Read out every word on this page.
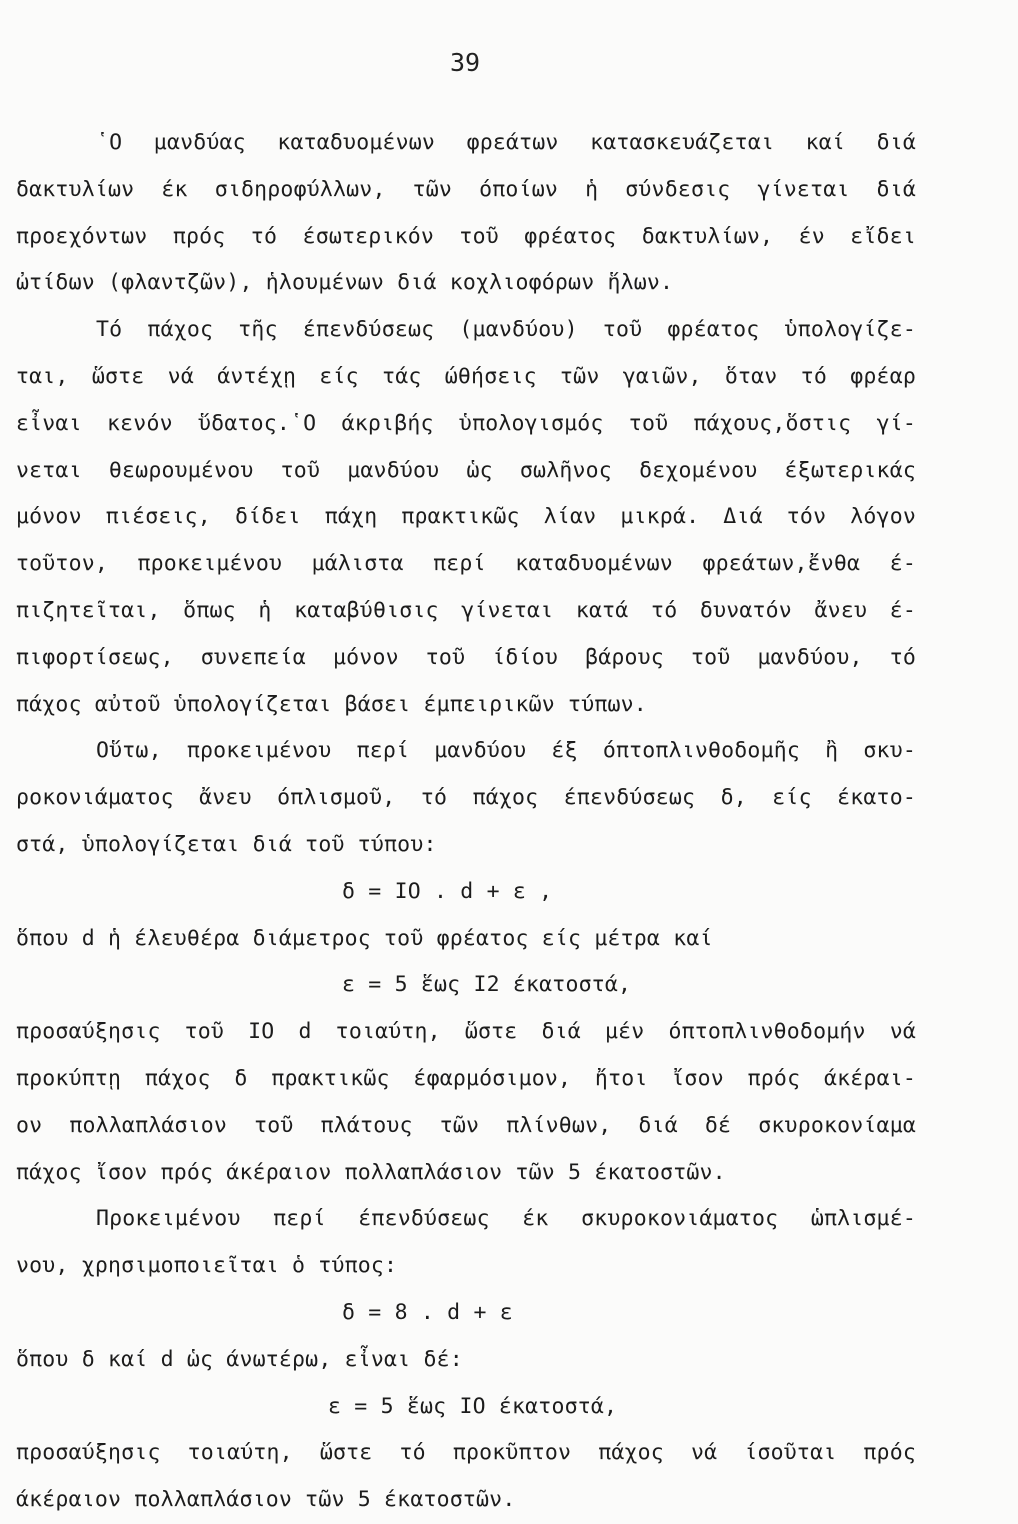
39
῾Ο μανδύας καταδυομένων φρεάτων κατασκευάζεται καί διά
δακτυλίων έκ σιδηροφύλλων, τῶν όποίων ἡ σύνδεσις γίνεται διά
προεχόντων πρός τό έσωτερικόν τοῦ φρέατος δακτυλίων, έν εἴδει
ὠτίδων (φλαντζῶν), ἡλουμένων διά κοχλιοφόρων ἥλων.
Τό πάχος τῆς έπενδύσεως (μανδύου) τοῦ φρέατος ὑπολογίζε-
ται, ὥστε νά άντέχῃ είς τάς ώθήσεις τῶν γαιῶν, ὅταν τό φρέαρ
εἶναι κενόν ὕδατος.῾Ο άκριβής ὑπολογισμός τοῦ πάχους,ὅστις γί-
νεται θεωρουμένου τοῦ μανδύου ὡς σωλῆνος δεχομένου έξωτερικάς
μόνον πιέσεις, δίδει πάχη πρακτικῶς λίαν μικρά. Διά τόν λόγον
τοῦτον, προκειμένου μάλιστα περί καταδυομένων φρεάτων,ἔνθα έ-
πιζητεῖται, ὅπως ἡ καταβύθισις γίνεται κατά τό δυνατόν ἄνευ έ-
πιφορτίσεως, συνεπεία μόνον τοῦ ίδίου βάρους τοῦ μανδύου, τό
πάχος αὐτοῦ ὑπολογίζεται βάσει έμπειρικῶν τύπων.
Οὕτω, προκειμένου περί μανδύου έξ όπτοπλινθοδομῆς ἢ σκυ-
ροκονιάματος ἄνευ όπλισμοῦ, τό πάχος έπενδύσεως δ, είς έκατο-
στά, ὑπολογίζεται διά τοῦ τύπου:
δ = ΙΟ . d + ε ,
ὅπου d ἡ έλευθέρα διάμετρος τοῦ φρέατος είς μέτρα καί
ε = 5 ἕως Ι2 έκατοστά,
προσαύξησις τοῦ ΙΟ d τοιαύτη, ὥστε διά μέν όπτοπλινθοδομήν νά
προκύπτῃ πάχος δ πρακτικῶς έφαρμόσιμον, ἤτοι ἴσον πρός άκέραι-
ον πολλαπλάσιον τοῦ πλάτους τῶν πλίνθων, διά δέ σκυροκονίαμα
πάχος ἴσον πρός άκέραιον πολλαπλάσιον τῶν 5 έκατοστῶν.
Προκειμένου περί έπενδύσεως έκ σκυροκονιάματος ὡπλισμέ-
νου, χρησιμοποιεῖται ὁ τύπος:
δ = 8 . d + ε
ὅπου δ καί d ὡς άνωτέρω, εἶναι δέ:
ε = 5 ἕως ΙΟ έκατοστά,
προσαύξησις τοιαύτη, ὥστε τό προκῦπτον πάχος νά ίσοῦται πρός
άκέραιον πολλαπλάσιον τῶν 5 έκατοστῶν.
